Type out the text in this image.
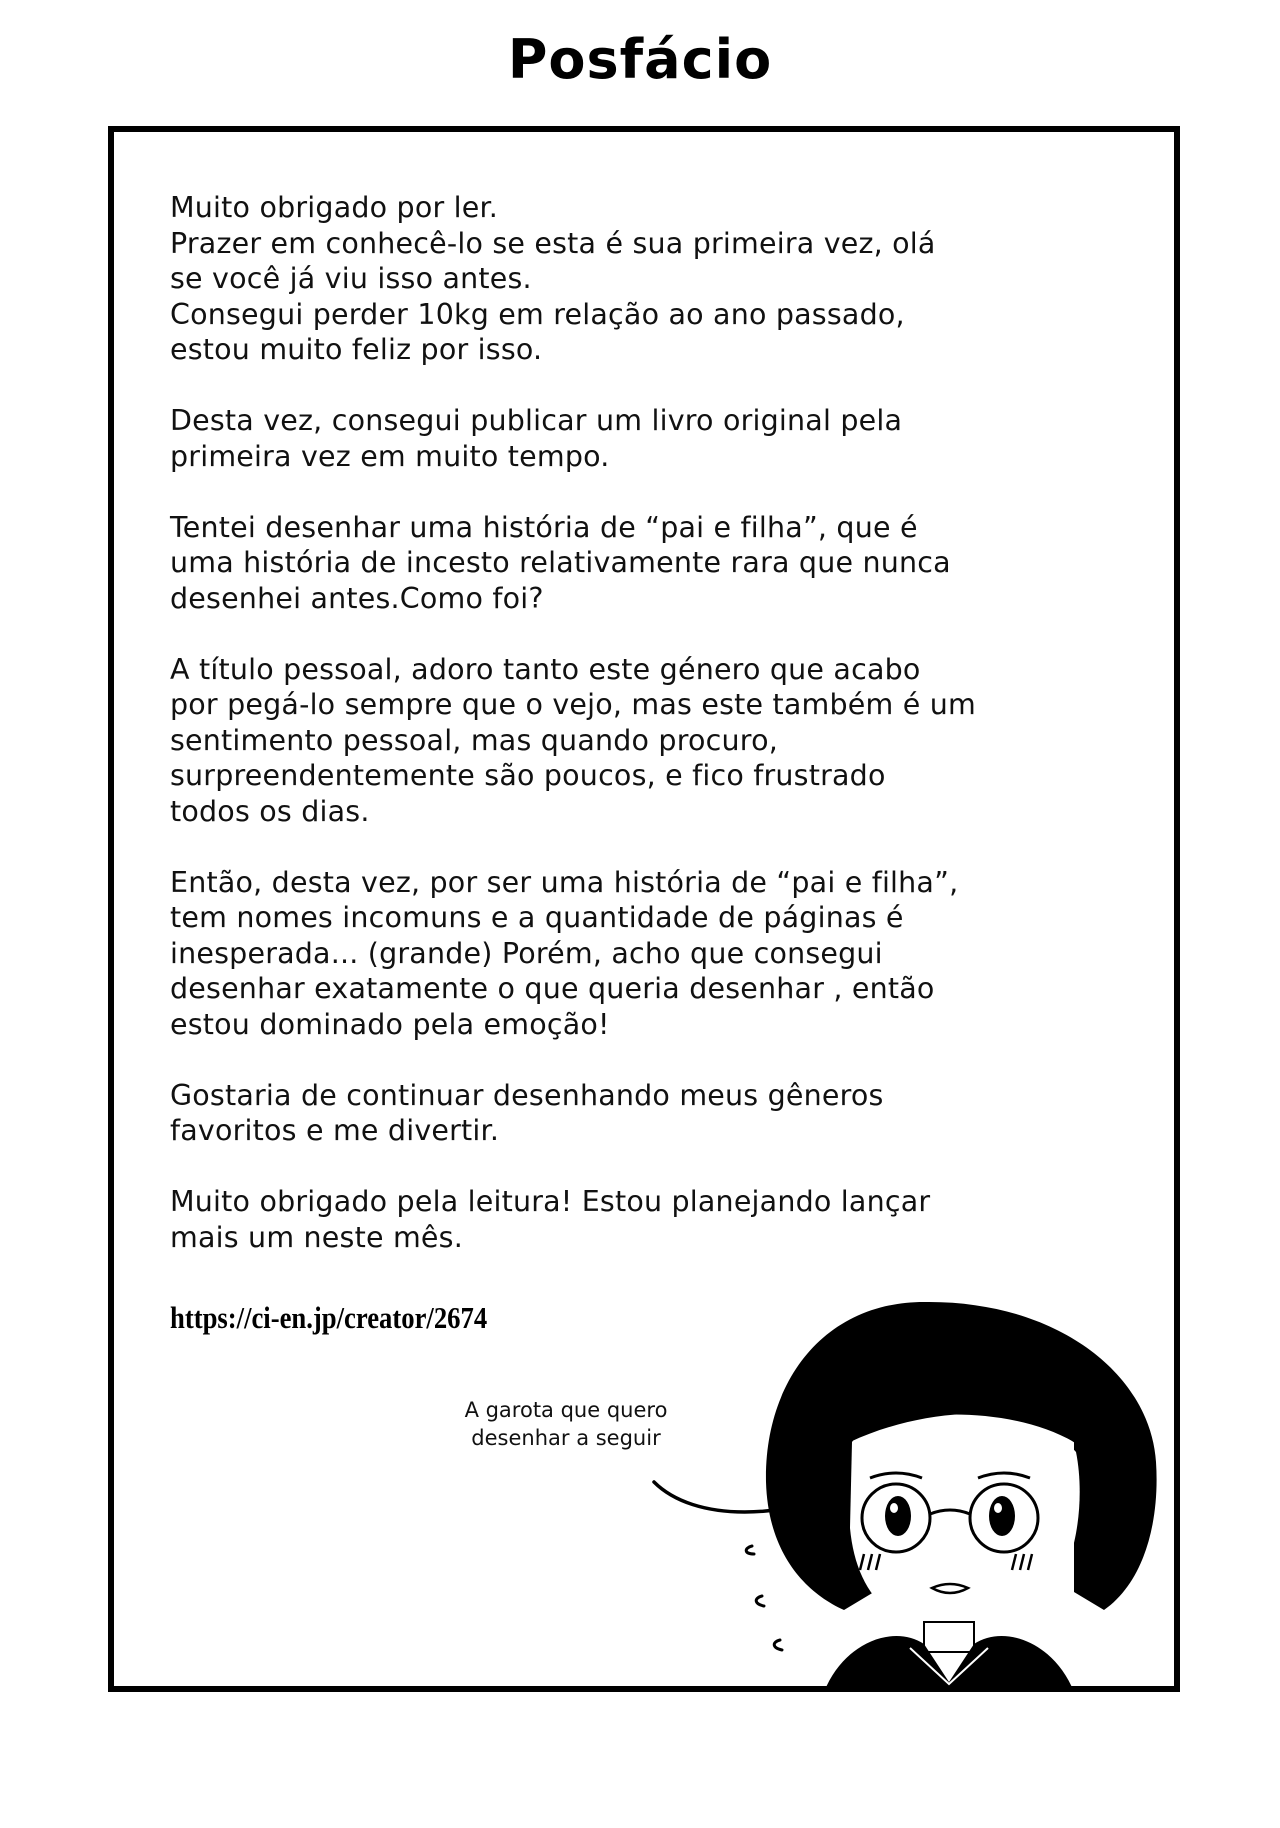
Posfácio

Muito obrigado por ler.
Prazer em conhecê-lo se esta é sua primeira vez, olá
se você já viu isso antes.
Consegui perder 10kg em relação ao ano passado,
estou muito feliz por isso.

Desta vez, consegui publicar um livro original pela
primeira vez em muito tempo.

Tentei desenhar uma história de “pai e filha”, que é
uma história de incesto relativamente rara que nunca
desenhei antes.Como foi?

A título pessoal, adoro tanto este género que acabo
por pegá-lo sempre que o vejo, mas este também é um
sentimento pessoal, mas quando procuro,
surpreendentemente são poucos, e fico frustrado
todos os dias.

Então, desta vez, por ser uma história de “pai e filha”,
tem nomes incomuns e a quantidade de páginas é
inesperada... (grande) Porém, acho que consegui
desenhar exatamente o que queria desenhar , então
estou dominado pela emoção!

Gostaria de continuar desenhando meus gêneros
favoritos e me divertir.

Muito obrigado pela leitura! Estou planejando lançar
mais um neste mês.

https://ci-en.jp/creator/2674
A garota que quero
desenhar a seguir
